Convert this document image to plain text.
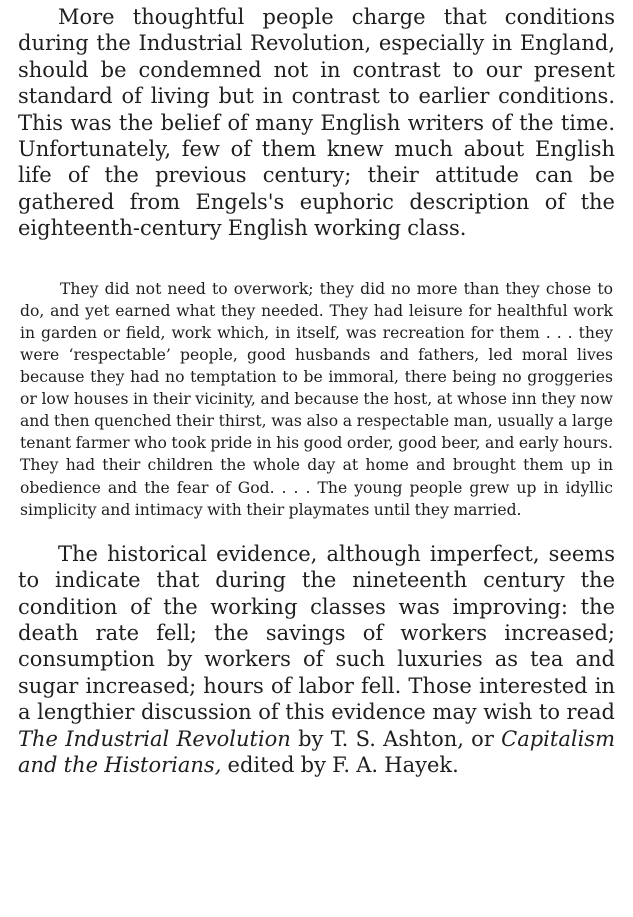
More thoughtful people charge that conditions during the Industrial Revolution, especially in England, should be condemned not in contrast to our present standard of living but in contrast to earlier conditions. This was the belief of many English writers of the time. Unfortunately, few of them knew much about English life of the previous century; their attitude can be gathered from Engels's euphoric description of the eighteenth-century English working class.

They did not need to overwork; they did no more than they chose to do, and yet earned what they needed. They had leisure for healthful work in garden or field, work which, in itself, was recreation for them . . . they were ‘respectable’ people, good husbands and fathers, led moral lives because they had no temptation to be immoral, there being no groggeries or low houses in their vicinity, and because the host, at whose inn they now and then quenched their thirst, was also a respectable man, usually a large tenant farmer who took pride in his good order, good beer, and early hours. They had their children the whole day at home and brought them up in obedience and the fear of God. . . . The young people grew up in idyllic simplicity and intimacy with their playmates until they married.

The historical evidence, although imperfect, seems to indicate that during the nineteenth century the condition of the working classes was improving: the death rate fell; the savings of workers increased; consumption by workers of such luxuries as tea and sugar increased; hours of labor fell. Those interested in a lengthier discussion of this evidence may wish to read The Industrial Revolution by T. S. Ashton, or Capitalism and the Historians, edited by F. A. Hayek.
